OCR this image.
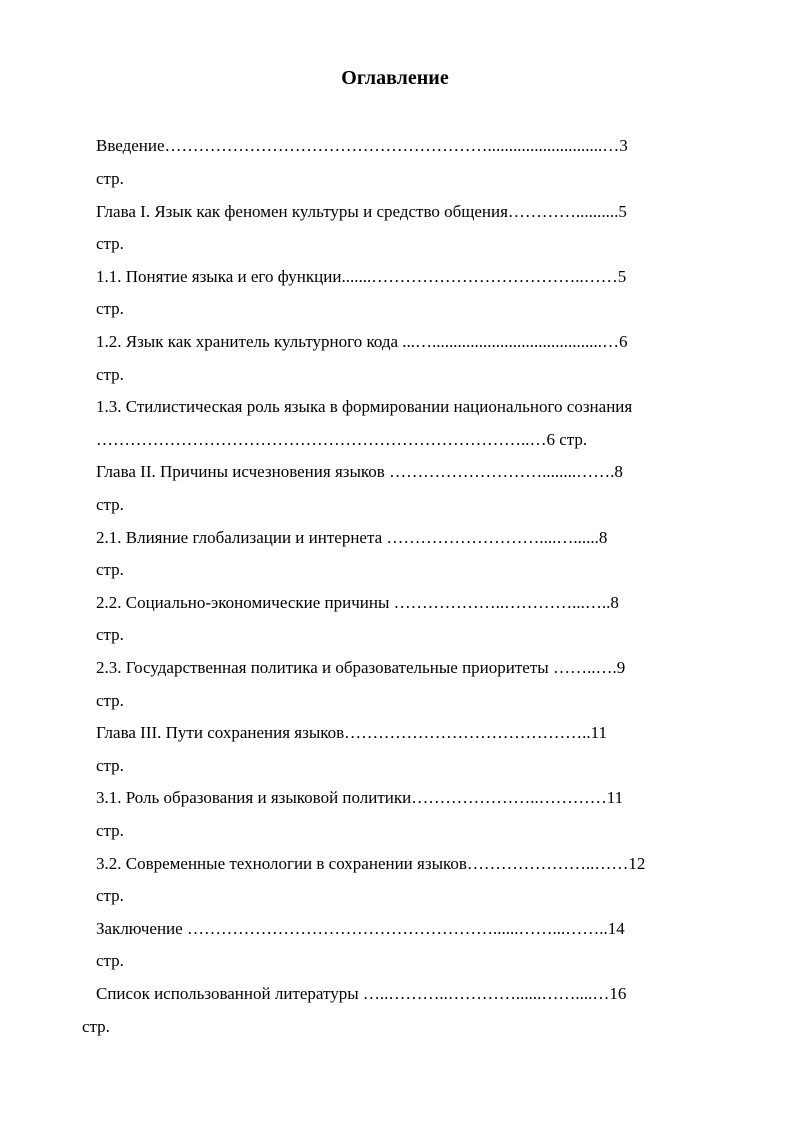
Оглавление
Введение…………………………………………………...........................…3
стр.
Глава I. Язык как феномен культуры и средство общения…………..........5
стр.
1.1. Понятие языка и его функции.......………………………………..……5
стр.
1.2. Язык как хранитель культурного кода ...…........................................…6
стр.
1.3. Стилистическая роль языка в формировании национального сознания
…………………………………………………………………..…6 стр.
Глава II. Причины исчезновения языков ………………………........…….8
стр.
2.1. Влияние глобализации и интернета ………………………....…......8
стр.
2.2. Социально-экономические причины ………………..…………...…..8
стр.
2.3. Государственная политика и образовательные приоритеты ……..….9
стр.
Глава III. Пути сохранения языков……………………………………..11
стр.
3.1. Роль образования и языковой политики…………………..…………11
стр.
3.2. Современные технологии в сохранении языков…………………..……12
стр.
Заключение ………………………………………………......……...……..14
стр.
Список использованной литературы …..………..…………......……....…16
стр.
